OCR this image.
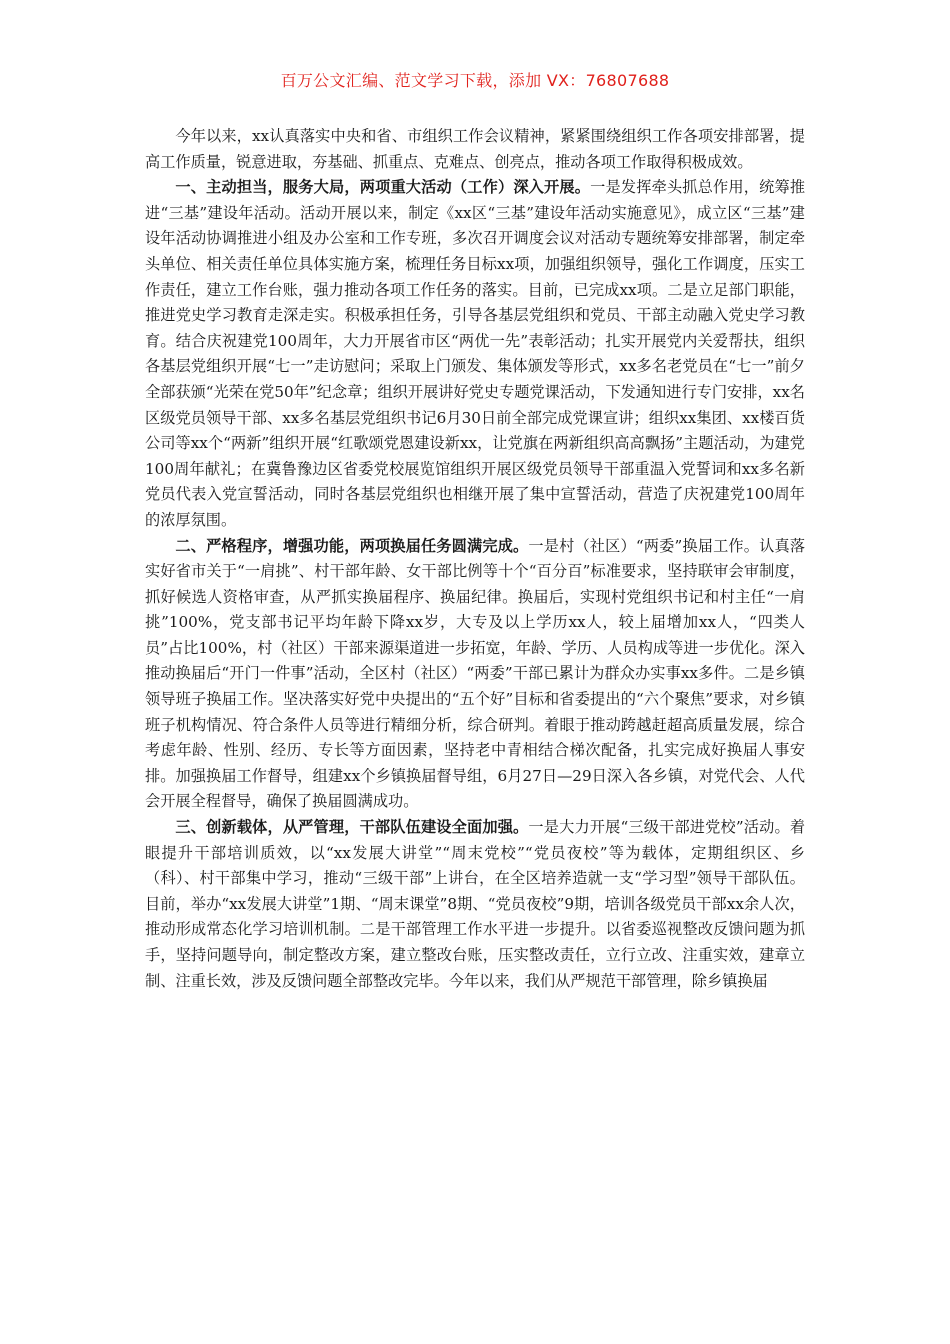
百万公文汇编、范文学习下载，添加 VX：76807688

今年以来，xx认真落实中央和省、市组织工作会议精神，紧紧围绕组织工作各项安排部署，提高工作质量，锐意进取，夯基础、抓重点、克难点、创亮点，推动各项工作取得积极成效。

一、主动担当，服务大局，两项重大活动（工作）深入开展。一是发挥牵头抓总作用，统筹推进“三基”建设年活动。活动开展以来，制定《xx区“三基”建设年活动实施意见》，成立区“三基”建设年活动协调推进小组及办公室和工作专班，多次召开调度会议对活动专题统筹安排部署，制定牵头单位、相关责任单位具体实施方案，梳理任务目标xx项，加强组织领导，强化工作调度，压实工作责任，建立工作台账，强力推动各项工作任务的落实。目前，已完成xx项。二是立足部门职能，推进党史学习教育走深走实。积极承担任务，引导各基层党组织和党员、干部主动融入党史学习教育。结合庆祝建党100周年，大力开展省市区“两优一先”表彰活动；扎实开展党内关爱帮扶，组织各基层党组织开展“七一”走访慰问；采取上门颁发、集体颁发等形式，xx多名老党员在“七一”前夕全部获颁“光荣在党50年”纪念章；组织开展讲好党史专题党课活动，下发通知进行专门安排，xx名区级党员领导干部、xx多名基层党组织书记6月30日前全部完成党课宣讲；组织xx集团、xx楼百货公司等xx个“两新”组织开展“红歌颂党恩建设新xx，让党旗在两新组织高高飘扬”主题活动，为建党100周年献礼；在冀鲁豫边区省委党校展览馆组织开展区级党员领导干部重温入党誓词和xx多名新党员代表入党宣誓活动，同时各基层党组织也相继开展了集中宣誓活动，营造了庆祝建党100周年的浓厚氛围。

二、严格程序，增强功能，两项换届任务圆满完成。一是村（社区）“两委”换届工作。认真落实好省市关于“一肩挑”、村干部年龄、女干部比例等十个“百分百”标准要求，坚持联审会审制度，抓好候选人资格审查，从严抓实换届程序、换届纪律。换届后，实现村党组织书记和村主任“一肩挑”100%，党支部书记平均年龄下降xx岁，大专及以上学历xx人，较上届增加xx人，“四类人员”占比100%，村（社区）干部来源渠道进一步拓宽，年龄、学历、人员构成等进一步优化。深入推动换届后“开门一件事”活动，全区村（社区）“两委”干部已累计为群众办实事xx多件。二是乡镇领导班子换届工作。坚决落实好党中央提出的“五个好”目标和省委提出的“六个聚焦”要求，对乡镇班子机构情况、符合条件人员等进行精细分析，综合研判。着眼于推动跨越赶超高质量发展，综合考虑年龄、性别、经历、专长等方面因素，坚持老中青相结合梯次配备，扎实完成好换届人事安排。加强换届工作督导，组建xx个乡镇换届督导组，6月27日—29日深入各乡镇，对党代会、人代会开展全程督导，确保了换届圆满成功。

三、创新载体，从严管理，干部队伍建设全面加强。一是大力开展“三级干部进党校”活动。着眼提升干部培训质效，以“xx发展大讲堂”“周末党校”“党员夜校”等为载体，定期组织区、乡（科）、村干部集中学习，推动“三级干部”上讲台，在全区培养造就一支“学习型”领导干部队伍。目前，举办“xx发展大讲堂”1期、“周末课堂”8期、“党员夜校”9期，培训各级党员干部xx余人次，推动形成常态化学习培训机制。二是干部管理工作水平进一步提升。以省委巡视整改反馈问题为抓手，坚持问题导向，制定整改方案，建立整改台账，压实整改责任，立行立改、注重实效，建章立制、注重长效，涉及反馈问题全部整改完毕。今年以来，我们从严规范干部管理，除乡镇换届
